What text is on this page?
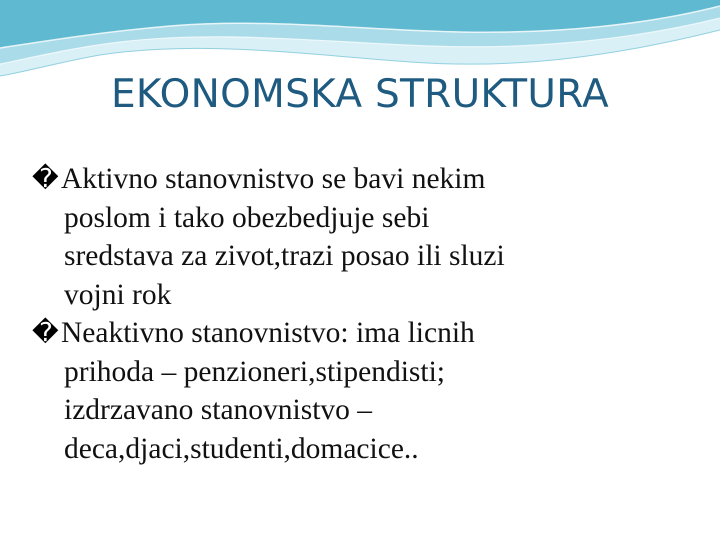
EKONOMSKA STRUKTURA
� Aktivno stanovnistvo se bavi nekim
poslom i tako obezbedjuje sebi
sredstava za zivot,trazi posao ili sluzi
vojni rok
� Neaktivno stanovnistvo: ima licnih
prihoda – penzioneri,stipendisti;
izdrzavano stanovnistvo –
deca,djaci,studenti,domacice..
